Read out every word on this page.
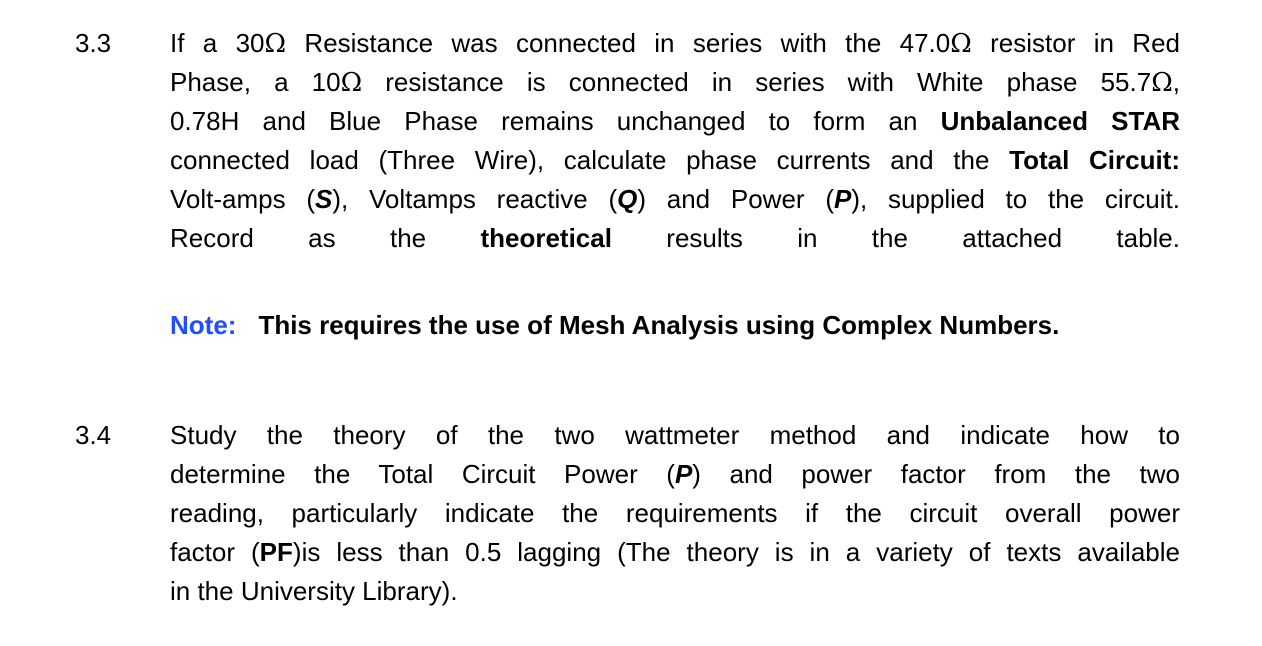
3.3 If a 30Ω Resistance was connected in series with the 47.0Ω resistor in Red
Phase, a 10Ω resistance is connected in series with White phase 55.7Ω,
0.78H and Blue Phase remains unchanged to form an Unbalanced STAR
connected load (Three Wire), calculate phase currents and the Total Circuit:
Volt-amps (S), Voltamps reactive (Q) and Power (P), supplied to the circuit.
Record as the theoretical results in the attached table.
Note: This requires the use of Mesh Analysis using Complex Numbers.
3.4 Study the theory of the two wattmeter method and indicate how to
determine the Total Circuit Power (P) and power factor from the two
reading, particularly indicate the requirements if the circuit overall power
factor (PF)is less than 0.5 lagging (The theory is in a variety of texts available
in the University Library).
